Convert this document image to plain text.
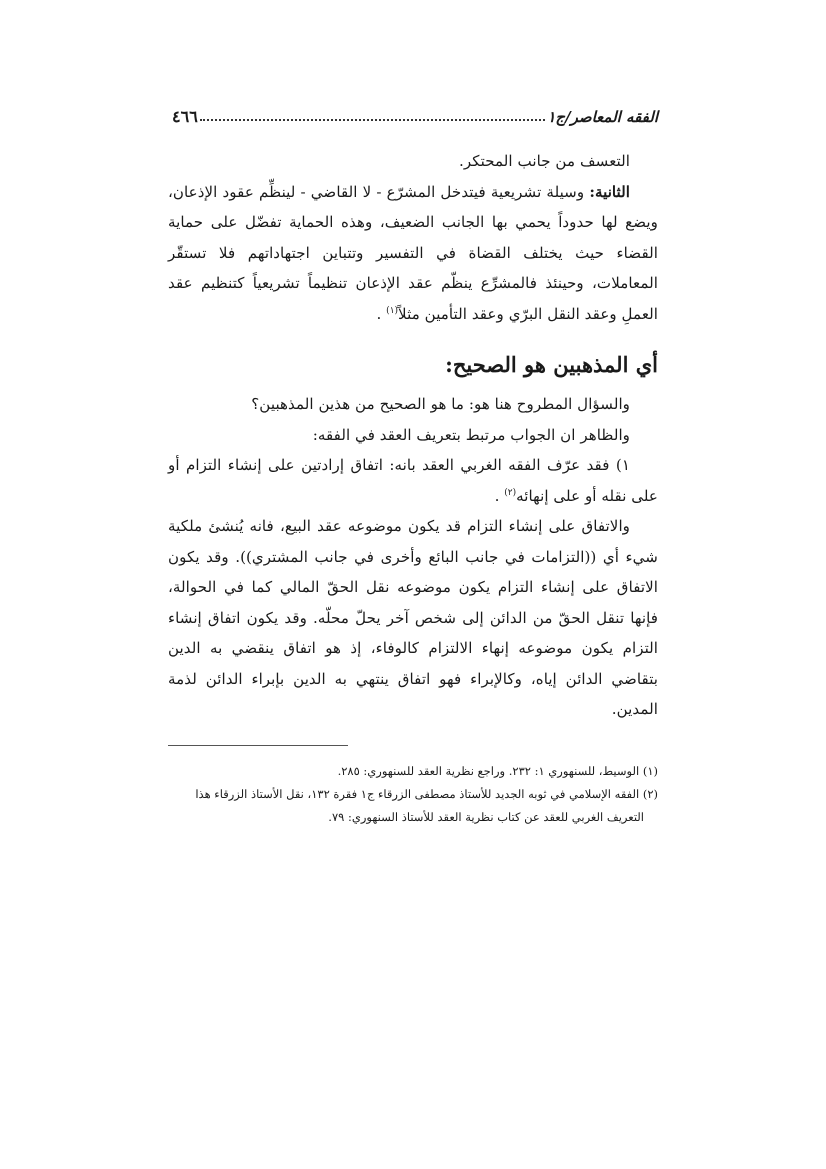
الفقه المعاصر/ج١
٤٦٦

التعسف من جانب المحتكر.

الثانية: وسيلة تشريعية فيتدخل المشرّع - لا القاضي - لينظِّم عقود الإذعان، ويضع لها حدوداً يحمي بها الجانب الضعيف، وهذه الحماية تفضّل على حماية القضاء حيث يختلف القضاة في التفسير وتتباين اجتهاداتهم فلا تستقّر المعاملات، وحينئذ فالمشرِّع ينظّم عقد الإذعان تنظيماً تشريعياً كتنظيم عقد العملِ وعقد النقل البرّي وعقد التأمين مثلاً$^{(١)}$ .

أي المذهبين هو الصحيح:

والسؤال المطروح هنا هو: ما هو الصحيح من هذين المذهبين؟

والظاهر ان الجواب مرتبط بتعريف العقد في الفقه:

١) فقد عرّف الفقه الغربي العقد بانه: اتفاق إرادتين على إنشاء التزام أو على نقله أو على إنهائه$^{(٢)}$ .

والاتفاق على إنشاء التزام قد يكون موضوعه عقد البيع، فانه يُنشئ ملكية شيء أي ((التزامات في جانب البائع وأخرى في جانب المشتري)). وقد يكون الاتفاق على إنشاء التزام يكون موضوعه نقل الحقّ المالي كما في الحوالة، فإنها تنقل الحقّ من الدائن إلى شخص آخر يحلّ محلّه. وقد يكون اتفاق إنشاء التزام يكون موضوعه إنهاء الالتزام كالوفاء، إذ هو اتفاق ينقضي به الدين بتقاضي الدائن إياه، وكالإبراء فهو اتفاق ينتهي به الدين بإبراء الدائن لذمة المدين.

(١) الوسيط، للسنهوري ١: ٢٣٢. وراجع نظرية العقد للسنهوري: ٢٨٥.

(٢) الفقه الإسلامي في ثوبه الجديد للأستاذ مصطفى الزرقاء ج١ فقرة ١٣٢، نقل الأستاذ الزرقاء هذا

التعريف الغربي للعقد عن كتاب نظرية العقد للأستاذ السنهوري: ٧٩.
